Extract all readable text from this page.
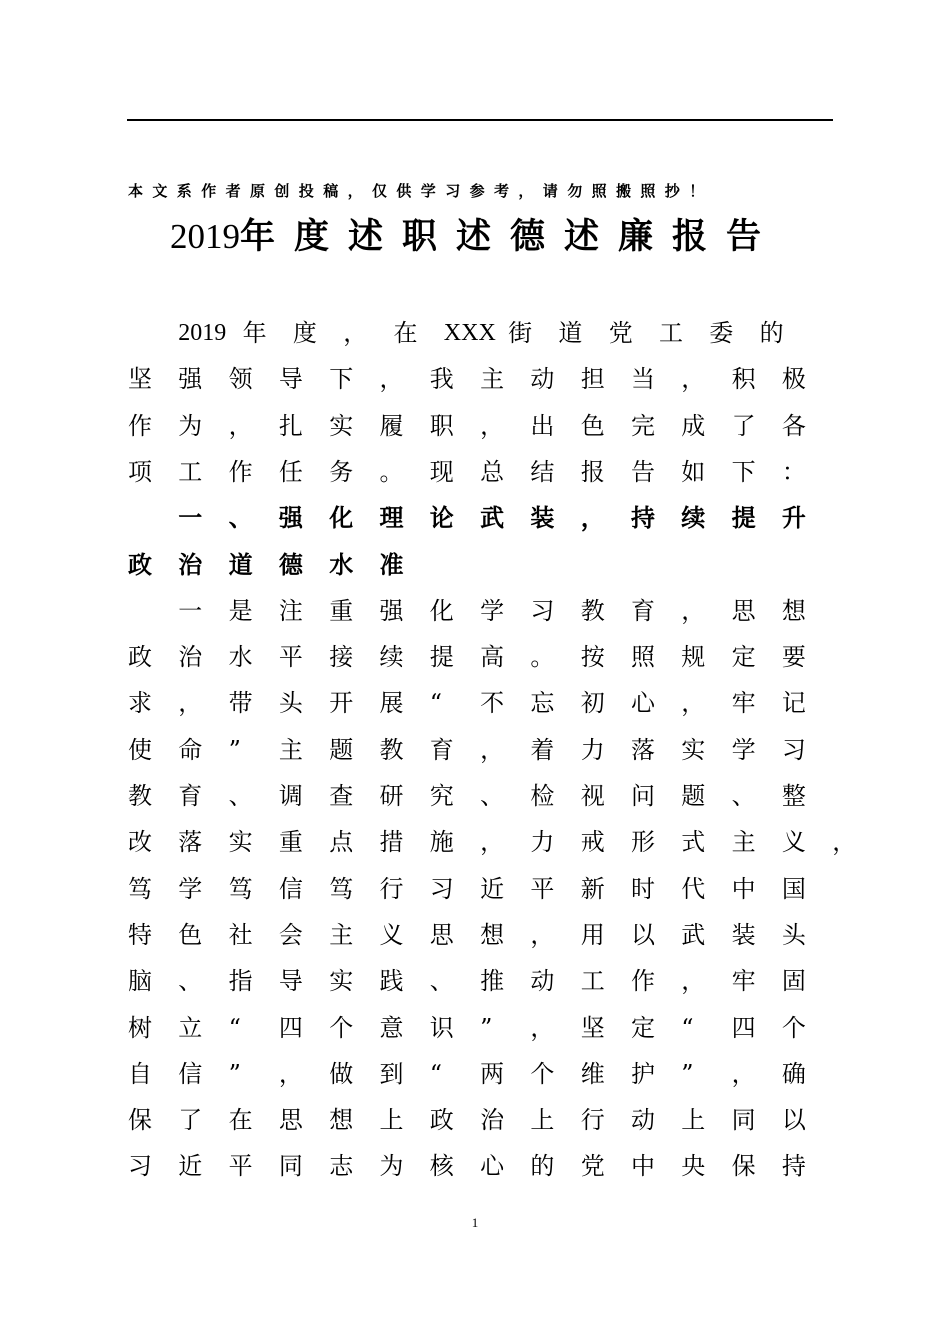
本文系作者原创投稿，仅供学习参考，请勿照搬照抄！
2019年度述职述德述廉报告
2019 年 度 ， 在 XXX 街 道 党 工 委 的
坚 强 领 导 下 ， 我 主 动 担 当 ， 积 极
作 为 ， 扎 实 履 职 ， 出 色 完 成 了 各
项 工 作 任 务 。 现 总 结 报 告 如 下 ：
一 、 强 化 理 论 武 装 ， 持 续 提 升
政 治 道 德 水 准
一 是 注 重 强 化 学 习 教 育 ， 思 想
政 治 水 平 接 续 提 高 。 按 照 规 定 要
求 ， 带 头 开 展 “ 不 忘 初 心 ， 牢 记
使 命 ” 主 题 教 育 ， 着 力 落 实 学 习
教 育 、 调 查 研 究 、 检 视 问 题 、 整
改 落 实 重 点 措 施 ， 力 戒 形 式 主 义 ，
笃 学 笃 信 笃 行 习 近 平 新 时 代 中 国
特 色 社 会 主 义 思 想 ， 用 以 武 装 头
脑 、 指 导 实 践 、 推 动 工 作 ， 牢 固
树 立 “ 四 个 意 识 ” ， 坚 定 “ 四 个
自 信 ” ， 做 到 “ 两 个 维 护 ” ， 确
保 了 在 思 想 上 政 治 上 行 动 上 同 以
习 近 平 同 志 为 核 心 的 党 中 央 保 持
1
